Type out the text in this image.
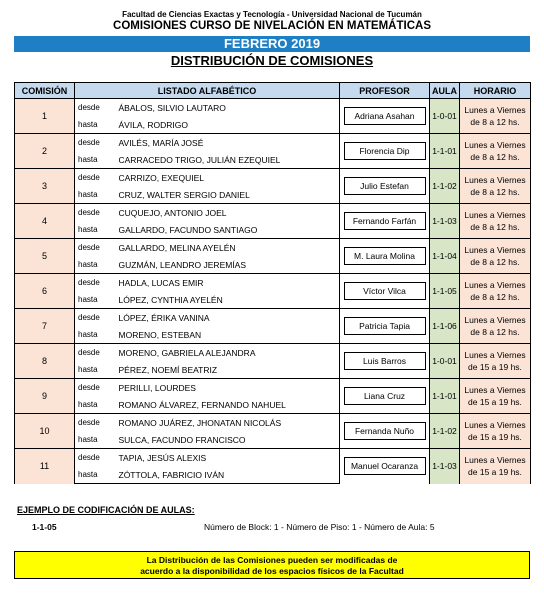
Facultad de Ciencias Exactas y Tecnología - Universidad Nacional de Tucumán
COMISIONES CURSO DE NIVELACIÓN EN MATEMÁTICAS
FEBRERO 2019
DISTRIBUCIÓN DE COMISIONES
COMISIÓN	LISTADO ALFABÉTICO		PROFESOR	AULA	HORARIO
1	desde	ÁBALOS, SILVIO LAUTARO	Adriana Asahan	1-0-01	Lunes a Viernes
de 8 a 12 hs.

	hasta	ÁVILA, RODRIGO			
2	desde	AVILÉS, MARÍA JOSÉ	Florencia Dip	1-1-01	Lunes a Viernes
de 8 a 12 hs.

	hasta	CARRACEDO TRIGO, JULIÁN EZEQUIEL			
3	desde	CARRIZO, EXEQUIEL	Julio Estefan	1-1-02	Lunes a Viernes
de 8 a 12 hs.

	hasta	CRUZ, WALTER SERGIO DANIEL			
4	desde	CUQUEJO, ANTONIO JOEL	Fernando Farfán	1-1-03	Lunes a Viernes
de 8 a 12 hs.

	hasta	GALLARDO, FACUNDO SANTIAGO			
5	desde	GALLARDO, MELINA AYELÉN	M. Laura Molina	1-1-04	Lunes a Viernes
de 8 a 12 hs.

	hasta	GUZMÁN, LEANDRO JEREMÍAS			
6	desde	HADLA, LUCAS EMIR	Víctor Vilca	1-1-05	Lunes a Viernes
de 8 a 12 hs.

	hasta	LÓPEZ, CYNTHIA AYELÉN			
7	desde	LÓPEZ, ÉRIKA VANINA	Patricia Tapia	1-1-06	Lunes a Viernes
de 8 a 12 hs.

	hasta	MORENO, ESTEBAN			
8	desde	MORENO, GABRIELA ALEJANDRA	Luis Barros	1-0-01	Lunes a Viernes
de 15 a 19 hs.

	hasta	PÉREZ, NOEMÍ BEATRIZ			
9	desde	PERILLI, LOURDES	Liana Cruz	1-1-01	Lunes a Viernes
de 15 a 19 hs.

	hasta	ROMANO ÁLVAREZ, FERNANDO NAHUEL			
10	desde	ROMANO JUÁREZ, JHONATAN NICOLÁS	Fernanda Nuño	1-1-02	Lunes a Viernes
de 15 a 19 hs.

	hasta	SULCA, FACUNDO FRANCISCO			
11	desde	TAPIA, JESÚS ALEXIS	Manuel Ocaranza	1-1-03	Lunes a Viernes
de 15 a 19 hs.

	hasta	ZÓTTOLA, FABRICIO IVÁN			
EJEMPLO DE CODIFICACIÓN DE AULAS:
1-1-05	Número de Block: 1 - Número de Piso: 1 - Número de Aula: 5
La Distribución de las Comisiones pueden ser modificadas de
acuerdo a la disponibilidad de los espacios físicos de la Facultad
